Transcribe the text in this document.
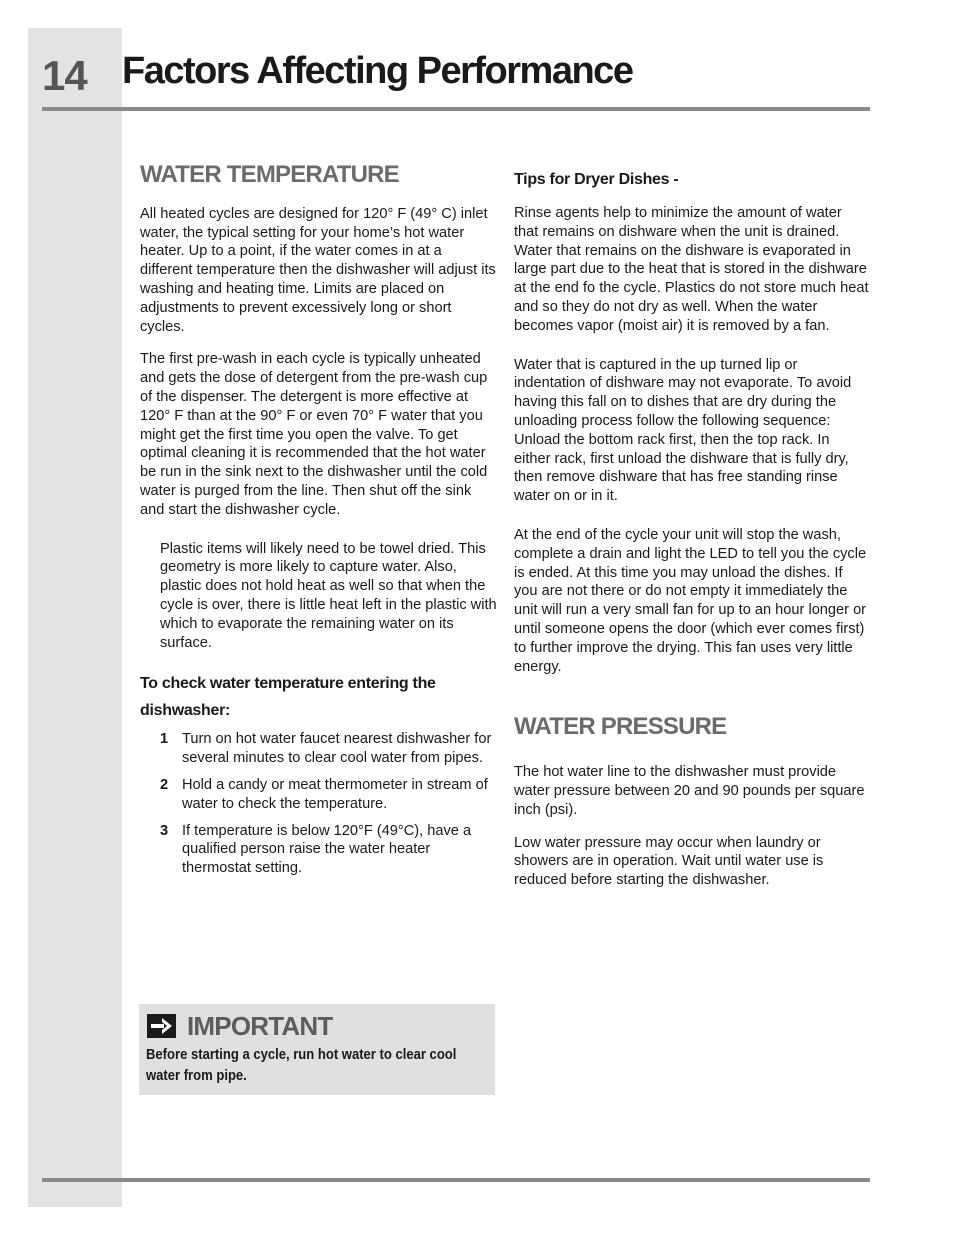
14 Factors Affecting Performance
WATER TEMPERATURE

All heated cycles are designed for 120° F (49° C) inlet water, the typical setting for your home’s hot water heater. Up to a point, if the water comes in at a different temperature then the dishwasher will adjust its washing and heating time. Limits are placed on adjustments to prevent excessively long or short cycles.

The first pre-wash in each cycle is typically unheated and gets the dose of detergent from the pre-wash cup of the dispenser. The detergent is more effective at 120° F than at the 90° F or even 70° F water that you might get the first time you open the valve. To get optimal cleaning it is recommended that the hot water be run in the sink next to the dishwasher until the cold water is purged from the line. Then shut off the sink and start the dishwasher cycle.

Plastic items will likely need to be towel dried. This geometry is more likely to capture water. Also, plastic does not hold heat as well so that when the cycle is over, there is little heat left in the plastic with which to evaporate the remaining water on its surface.

To check water temperature entering the dishwasher:
1 Turn on hot water faucet nearest dishwasher for several minutes to clear cool water from pipes.
2 Hold a candy or meat thermometer in stream of water to check the temperature.
3 If temperature is below 120°F (49°C), have a qualified person raise the water heater thermostat setting.
IMPORTANT
Before starting a cycle, run hot water to clear cool water from pipe.
Tips for Dryer Dishes -

Rinse agents help to minimize the amount of water that remains on dishware when the unit is drained. Water that remains on the dishware is evaporated in large part due to the heat that is stored in the dishware at the end fo the cycle. Plastics do not store much heat and so they do not dry as well. When the water becomes vapor (moist air) it is removed by a fan.

Water that is captured in the up turned lip or indentation of dishware may not evaporate. To avoid having this fall on to dishes that are dry during the unloading process follow the following sequence: Unload the bottom rack first, then the top rack. In either rack, first unload the dishware that is fully dry, then remove dishware that has free standing rinse water on or in it.

At the end of the cycle your unit will stop the wash, complete a drain and light the LED to tell you the cycle is ended. At this time you may unload the dishes. If you are not there or do not empty it immediately the unit will run a very small fan for up to an hour longer or until someone opens the door (which ever comes first) to further improve the drying. This fan uses very little energy.

WATER PRESSURE

The hot water line to the dishwasher must provide water pressure between 20 and 90 pounds per square inch (psi).

Low water pressure may occur when laundry or showers are in operation. Wait until water use is reduced before starting the dishwasher.
